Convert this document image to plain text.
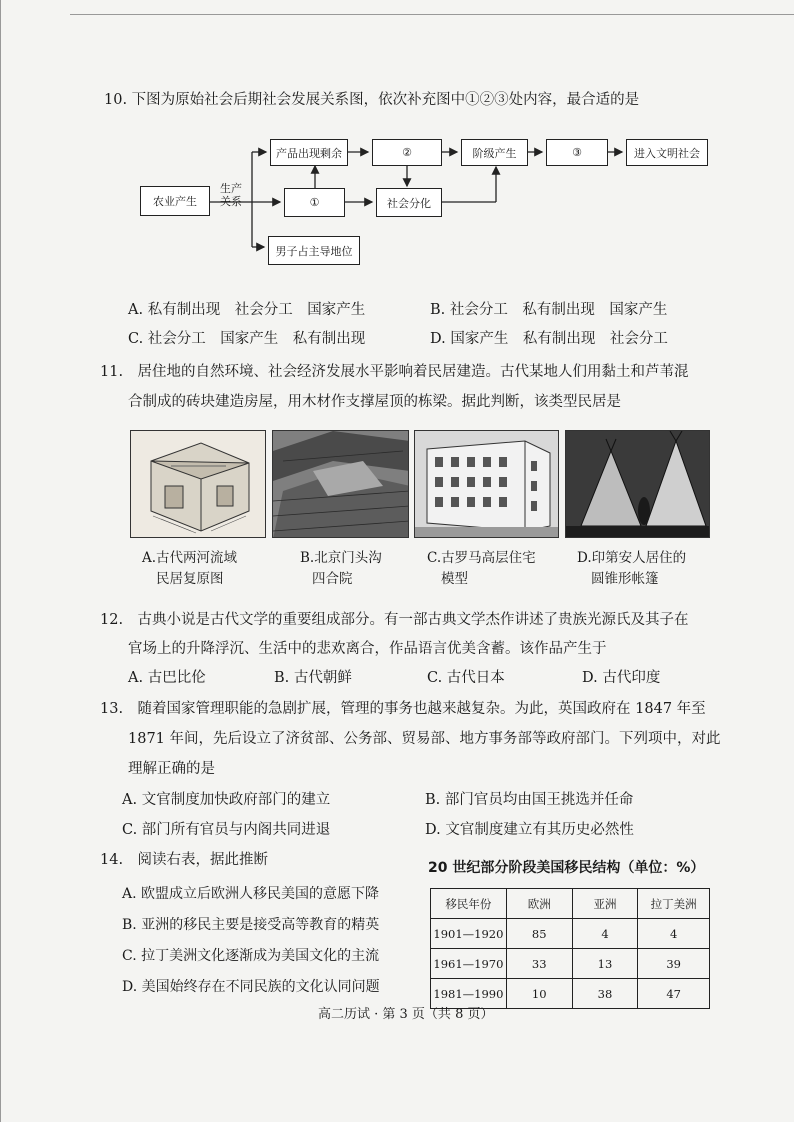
10. 下图为原始社会后期社会发展关系图，依次补充图中①②③处内容，最合适的是
农业产生
生产
关系
产品出现剩余	②	阶级产生	③	进入文明社会
①	社会分化
男子占主导地位
A. 私有制出现　社会分工　国家产生	B. 社会分工　私有制出现　国家产生
C. 社会分工　国家产生　私有制出现	D. 国家产生　私有制出现　社会分工
11.　居住地的自然环境、社会经济发展水平影响着民居建造。古代某地人们用黏土和芦苇混
合制成的砖块建造房屋，用木材作支撑屋顶的栋梁。据此判断，该类型民居是
A.古代两河流域
民居复原图
B.北京门头沟
四合院
C.古罗马高层住宅
模型
D.印第安人居住的
圆锥形帐篷
12.　古典小说是古代文学的重要组成部分。有一部古典文学杰作讲述了贵族光源氏及其子在
官场上的升降浮沉、生活中的悲欢离合，作品语言优美含蓄。该作品产生于
A. 古巴比伦	B. 古代朝鲜	C. 古代日本	D. 古代印度
13.　随着国家管理职能的急剧扩展，管理的事务也越来越复杂。为此，英国政府在 1847 年至
1871 年间，先后设立了济贫部、公务部、贸易部、地方事务部等政府部门。下列项中，对此
理解正确的是
A. 文官制度加快政府部门的建立	B. 部门官员均由国王挑选并任命
C. 部门所有官员与内阁共同进退	D. 文官制度建立有其历史必然性
14.　阅读右表，据此推断
A. 欧盟成立后欧洲人移民美国的意愿下降
B. 亚洲的移民主要是接受高等教育的精英
C. 拉丁美洲文化逐渐成为美国文化的主流
D. 美国始终存在不同民族的文化认同问题
20 世纪部分阶段美国移民结构（单位：%）
移民年份	欧洲	亚洲	拉丁美洲
1901—1920	85	4	4
1961—1970	33	13	39
1981—1990	10	38	47
高二历试 · 第 3 页（共 8 页）
